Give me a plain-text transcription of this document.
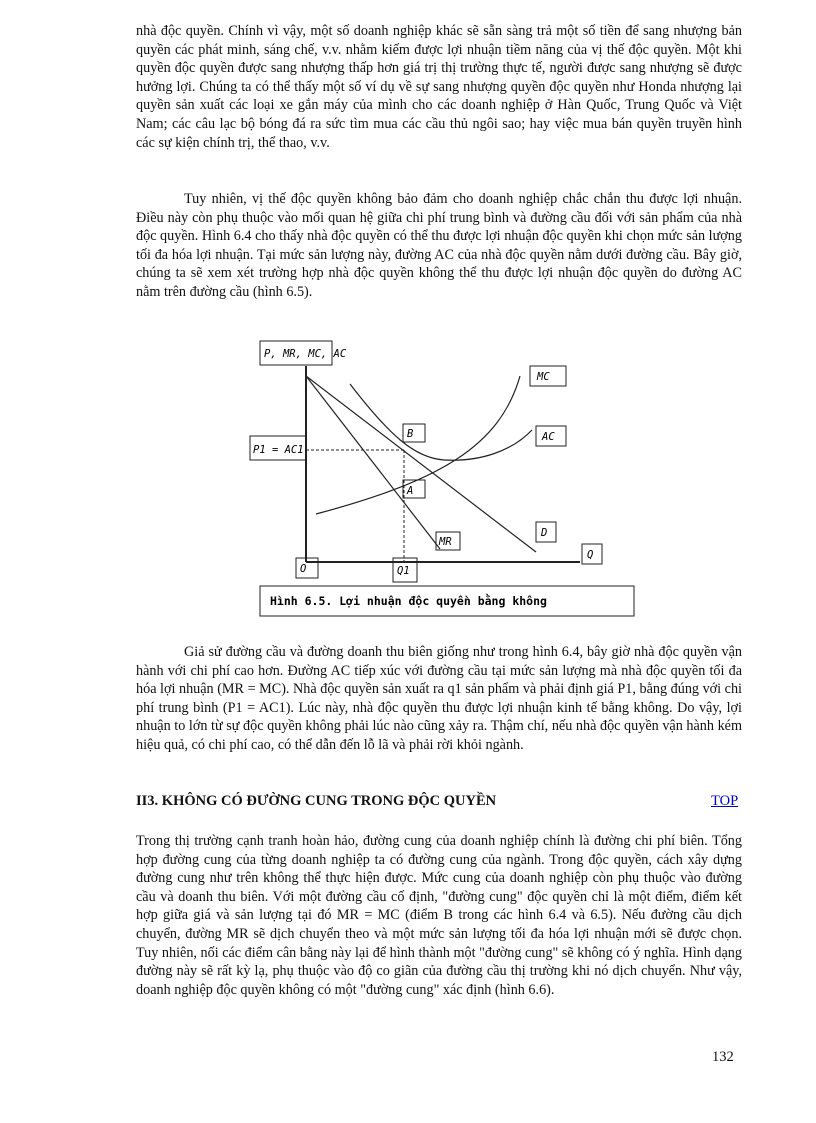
nhà độc quyền. Chính vì vậy, một số doanh nghiệp khác sẽ sẵn sàng trả một số tiền để sang nhượng bản quyền các phát minh, sáng chế, v.v. nhằm kiếm được lợi nhuận tiềm năng của vị thế độc quyền. Một khi quyền độc quyền được sang nhượng thấp hơn giá trị thị trường thực tế, người được sang nhượng sẽ được hưởng lợi. Chúng ta có thể thấy một số ví dụ về sự sang nhượng quyền độc quyền như Honda nhượng lại quyền sản xuất các loại xe gắn máy của mình cho các doanh nghiệp ở Hàn Quốc, Trung Quốc và Việt Nam; các câu lạc bộ bóng đá ra sức tìm mua các cầu thủ ngôi sao; hay việc mua bán quyền truyền hình các sự kiện chính trị, thể thao, v.v.

Tuy nhiên, vị thế độc quyền không bảo đảm cho doanh nghiệp chắc chắn thu được lợi nhuận. Điều này còn phụ thuộc vào mối quan hệ giữa chi phí trung bình và đường cầu đối với sản phẩm của nhà độc quyền. Hình 6.4 cho thấy nhà độc quyền có thể thu được lợi nhuận độc quyền khi chọn mức sản lượng tối đa hóa lợi nhuận. Tại mức sản lượng này, đường AC của nhà độc quyền nằm dưới đường cầu. Bây giờ, chúng ta sẽ xem xét trường hợp nhà độc quyền không thể thu được lợi nhuận độc quyền do đường AC nằm trên đường cầu (hình 6.5).

P, MR, MC, AC
P1 = AC1
B
A
MC
AC
MR
D
Q
O	Q1
Hình 6.5. Lợi nhuận độc quyền bằng không

Giả sử đường cầu và đường doanh thu biên giống như trong hình 6.4, bây giờ nhà độc quyền vận hành với chi phí cao hơn. Đường AC tiếp xúc với đường cầu tại mức sản lượng mà nhà độc quyền tối đa hóa lợi nhuận (MR = MC). Nhà độc quyền sản xuất ra q1 sản phẩm và phải định giá P1, bằng đúng với chi phí trung bình (P1 = AC1). Lúc này, nhà độc quyền thu được lợi nhuận kinh tế bằng không. Do vậy, lợi nhuận to lớn từ sự độc quyền không phải lúc nào cũng xảy ra. Thậm chí, nếu nhà độc quyền vận hành kém hiệu quả, có chi phí cao, có thể dẫn đến lỗ lã và phải rời khỏi ngành.

II3. KHÔNG CÓ ĐƯỜNG CUNG TRONG ĐỘC QUYỀN	TOP

Trong thị trường cạnh tranh hoàn hảo, đường cung của doanh nghiệp chính là đường chi phí biên. Tổng hợp đường cung của từng doanh nghiệp ta có đường cung của ngành. Trong độc quyền, cách xây dựng đường cung như trên không thể thực hiện được. Mức cung của doanh nghiệp còn phụ thuộc vào đường cầu và doanh thu biên. Với một đường cầu cố định, "đường cung" độc quyền chỉ là một điểm, điểm kết hợp giữa giá và sản lượng tại đó MR = MC (điểm B trong các hình 6.4 và 6.5). Nếu đường cầu dịch chuyển, đường MR sẽ dịch chuyển theo và một mức sản lượng tối đa hóa lợi nhuận mới sẽ được chọn. Tuy nhiên, nối các điểm cân bằng này lại để hình thành một "đường cung" sẽ không có ý nghĩa. Hình dạng đường này sẽ rất kỳ lạ, phụ thuộc vào độ co giãn của đường cầu thị trường khi nó dịch chuyển. Như vậy, doanh nghiệp độc quyền không có một "đường cung" xác định (hình 6.6).

132
